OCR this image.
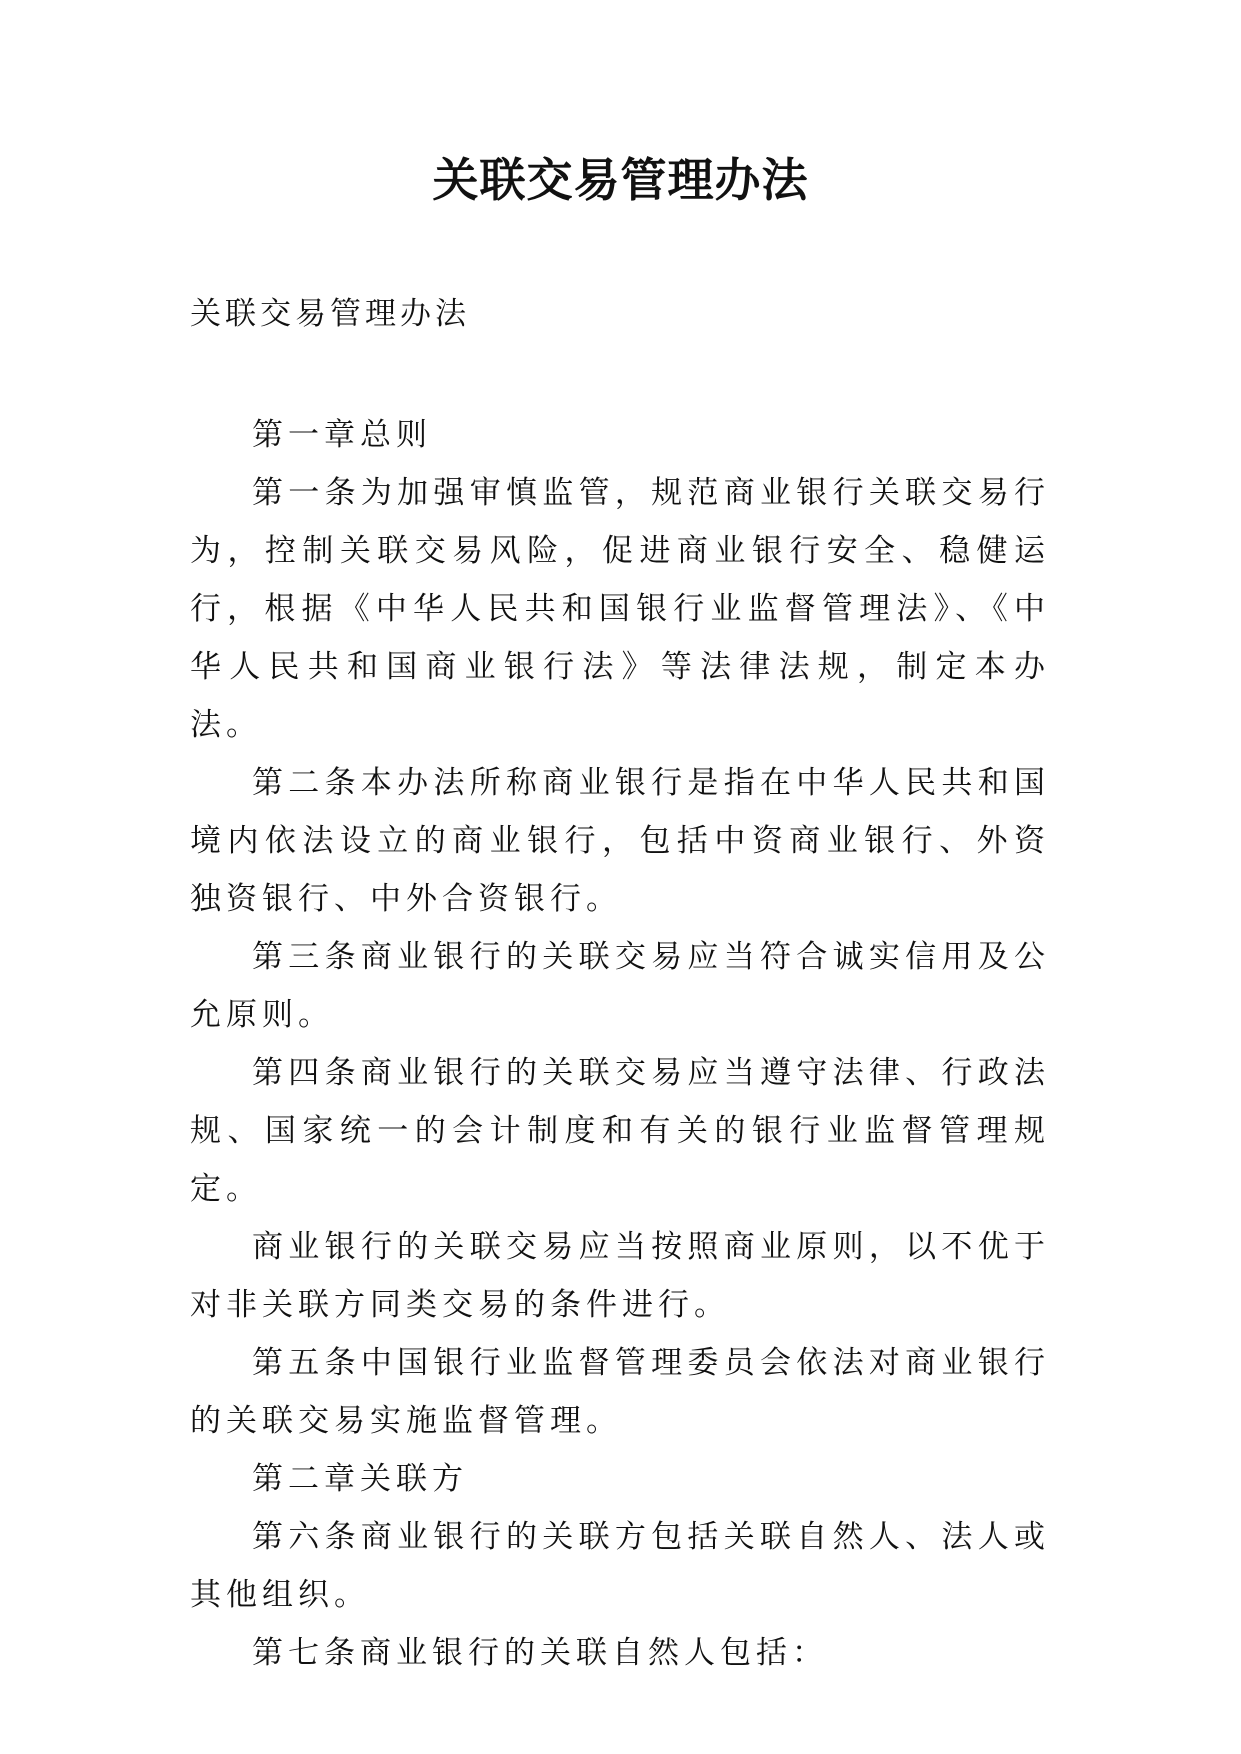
关联交易管理办法
关联交易管理办法

第一章总则

第一条为加强审慎监管，规范商业银行关联交易行为，控制关联交易风险，促进商业银行安全、稳健运行，根据《中华人民共和国银行业监督管理法》、《中华人民共和国商业银行法》等法律法规，制定本办法。

第二条本办法所称商业银行是指在中华人民共和国境内依法设立的商业银行，包括中资商业银行、外资独资银行、中外合资银行。

第三条商业银行的关联交易应当符合诚实信用及公允原则。

第四条商业银行的关联交易应当遵守法律、行政法规、国家统一的会计制度和有关的银行业监督管理规定。

商业银行的关联交易应当按照商业原则，以不优于对非关联方同类交易的条件进行。

第五条中国银行业监督管理委员会依法对商业银行的关联交易实施监督管理。

第二章关联方

第六条商业银行的关联方包括关联自然人、法人或其他组织。

第七条商业银行的关联自然人包括：
